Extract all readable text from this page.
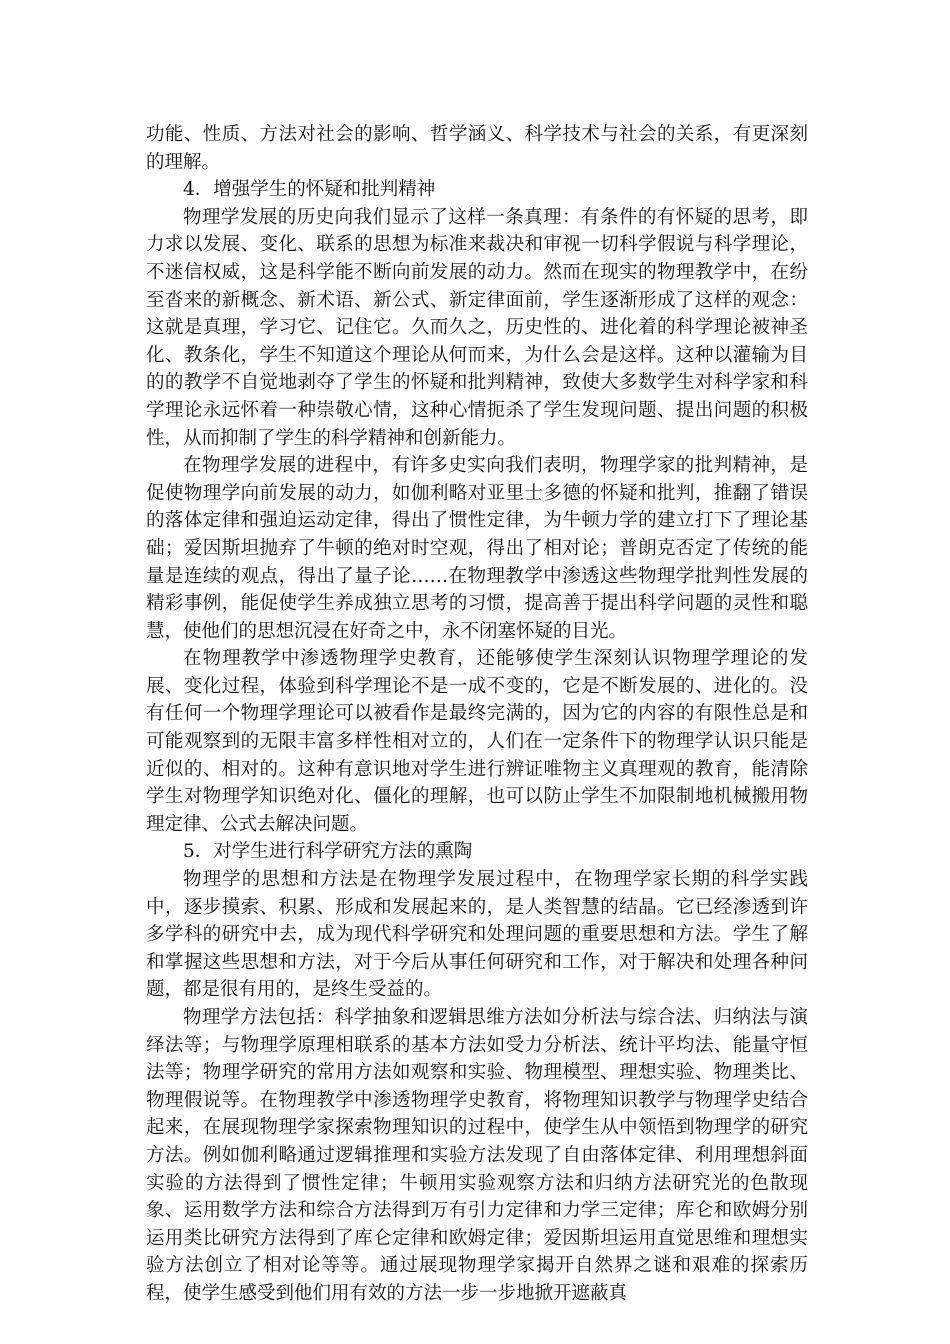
功能、性质、方法对社会的影响、哲学涵义、科学技术与社会的关系，有更深刻的理解。

4．增强学生的怀疑和批判精神

物理学发展的历史向我们显示了这样一条真理：有条件的有怀疑的思考，即力求以发展、变化、联系的思想为标准来裁决和审视一切科学假说与科学理论，不迷信权威，这是科学能不断向前发展的动力。然而在现实的物理教学中，在纷至沓来的新概念、新术语、新公式、新定律面前，学生逐渐形成了这样的观念：这就是真理，学习它、记住它。久而久之，历史性的、进化着的科学理论被神圣化、教条化，学生不知道这个理论从何而来，为什么会是这样。这种以灌输为目的的教学不自觉地剥夺了学生的怀疑和批判精神，致使大多数学生对科学家和科学理论永远怀着一种崇敬心情，这种心情扼杀了学生发现问题、提出问题的积极性，从而抑制了学生的科学精神和创新能力。

在物理学发展的进程中，有许多史实向我们表明，物理学家的批判精神，是促使物理学向前发展的动力，如伽利略对亚里士多德的怀疑和批判，推翻了错误的落体定律和强迫运动定律，得出了惯性定律，为牛顿力学的建立打下了理论基础；爱因斯坦抛弃了牛顿的绝对时空观，得出了相对论；普朗克否定了传统的能量是连续的观点，得出了量子论……在物理教学中渗透这些物理学批判性发展的精彩事例，能促使学生养成独立思考的习惯，提高善于提出科学问题的灵性和聪慧，使他们的思想沉浸在好奇之中，永不闭塞怀疑的目光。

在物理教学中渗透物理学史教育，还能够使学生深刻认识物理学理论的发展、变化过程，体验到科学理论不是一成不变的，它是不断发展的、进化的。没有任何一个物理学理论可以被看作是最终完满的，因为它的内容的有限性总是和可能观察到的无限丰富多样性相对立的，人们在一定条件下的物理学认识只能是近似的、相对的。这种有意识地对学生进行辨证唯物主义真理观的教育，能清除学生对物理学知识绝对化、僵化的理解，也可以防止学生不加限制地机械搬用物理定律、公式去解决问题。

5．对学生进行科学研究方法的熏陶

物理学的思想和方法是在物理学发展过程中，在物理学家长期的科学实践中，逐步摸索、积累、形成和发展起来的，是人类智慧的结晶。它已经渗透到许多学科的研究中去，成为现代科学研究和处理问题的重要思想和方法。学生了解和掌握这些思想和方法，对于今后从事任何研究和工作，对于解决和处理各种问题，都是很有用的，是终生受益的。

物理学方法包括：科学抽象和逻辑思维方法如分析法与综合法、归纳法与演绎法等；与物理学原理相联系的基本方法如受力分析法、统计平均法、能量守恒法等；物理学研究的常用方法如观察和实验、物理模型、理想实验、物理类比、物理假说等。在物理教学中渗透物理学史教育，将物理知识教学与物理学史结合起来，在展现物理学家探索物理知识的过程中，使学生从中领悟到物理学的研究方法。例如伽利略通过逻辑推理和实验方法发现了自由落体定律、利用理想斜面实验的方法得到了惯性定律；牛顿用实验观察方法和归纳方法研究光的色散现象、运用数学方法和综合方法得到万有引力定律和力学三定律；库仑和欧姆分别运用类比研究方法得到了库仑定律和欧姆定律；爱因斯坦运用直觉思维和理想实验方法创立了相对论等等。通过展现物理学家揭开自然界之谜和艰难的探索历程，使学生感受到他们用有效的方法一步一步地掀开遮蔽真
